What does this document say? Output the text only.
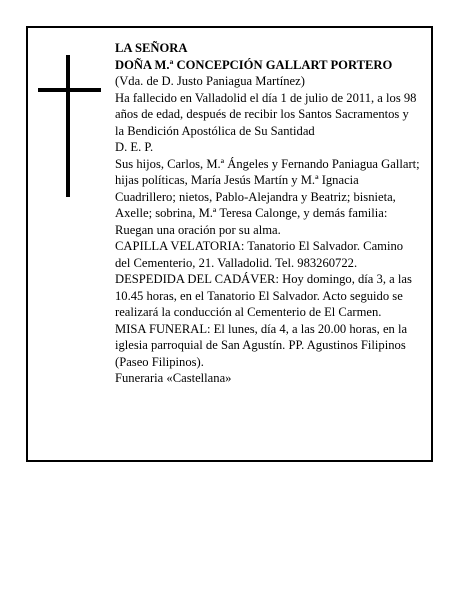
LA SEÑORA

DOÑA M.ª CONCEPCIÓN GALLART PORTERO

(Vda. de D. Justo Paniagua Martínez)

Ha fallecido en Valladolid el día 1 de julio de 2011, a los 98 años de edad, después de recibir los Santos Sacramentos y la Bendición Apostólica de Su Santidad

D. E. P.

Sus hijos, Carlos, M.ª Ángeles y Fernando Paniagua Gallart; hijas políticas, María Jesús Martín y M.ª Ignacia Cuadrillero; nietos, Pablo-Alejandra y Beatriz; bisnieta, Axelle; sobrina, M.ª Teresa Calonge, y demás familia:

Ruegan una oración por su alma.

CAPILLA VELATORIA: Tanatorio El Salvador. Camino del Cementerio, 21. Valladolid. Tel. 983260722.

DESPEDIDA DEL CADÁVER: Hoy domingo, día 3, a las 10.45 horas, en el Tanatorio El Salvador. Acto seguido se realizará la conducción al Cementerio de El Carmen.

MISA FUNERAL: El lunes, día 4, a las 20.00 horas, en la iglesia parroquial de San Agustín. PP. Agustinos Filipinos (Paseo Filipinos).

Funeraria «Castellana»
